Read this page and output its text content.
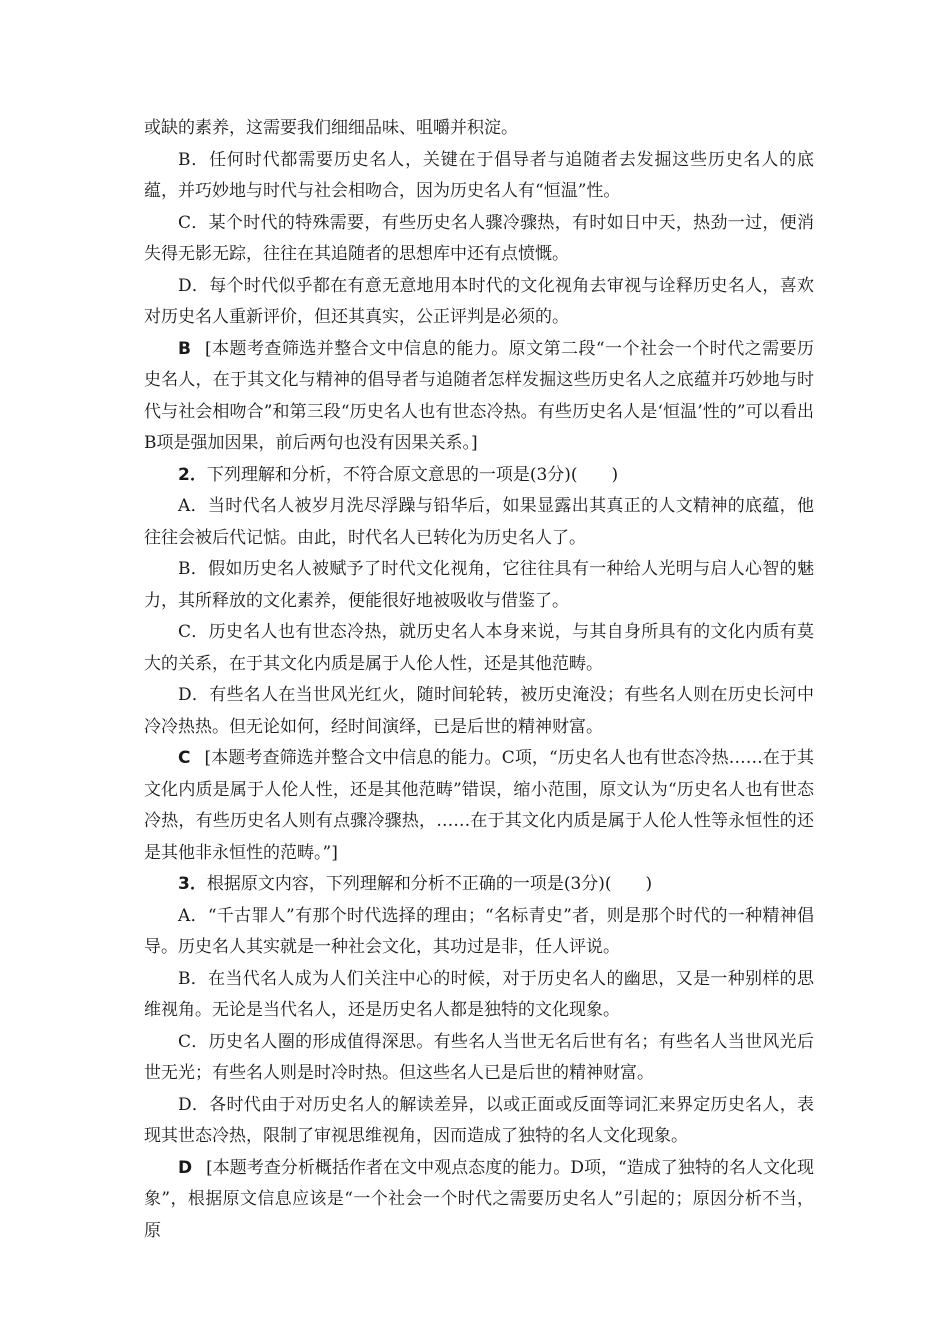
或缺的素养，这需要我们细细品味、咀嚼并积淀。

B．任何时代都需要历史名人，关键在于倡导者与追随者去发掘这些历史名人的底蕴，并巧妙地与时代与社会相吻合，因为历史名人有“恒温”性。

C．某个时代的特殊需要，有些历史名人骤冷骤热，有时如日中天，热劲一过，便消失得无影无踪，往往在其追随者的思想库中还有点愤慨。

D．每个时代似乎都在有意无意地用本时代的文化视角去审视与诠释历史名人，喜欢对历史名人重新评价，但还其真实，公正评判是必须的。

B [本题考查筛选并整合文中信息的能力。原文第二段“一个社会一个时代之需要历史名人，在于其文化与精神的倡导者与追随者怎样发掘这些历史名人之底蕴并巧妙地与时代与社会相吻合”和第三段“历史名人也有世态冷热。有些历史名人是‘恒温’性的”可以看出B项是强加因果，前后两句也没有因果关系。]

2．下列理解和分析，不符合原文意思的一项是(3分)(　　)

A．当时代名人被岁月洗尽浮躁与铅华后，如果显露出其真正的人文精神的底蕴，他往往会被后代记惦。由此，时代名人已转化为历史名人了。

B．假如历史名人被赋予了时代文化视角，它往往具有一种给人光明与启人心智的魅力，其所释放的文化素养，便能很好地被吸收与借鉴了。

C．历史名人也有世态冷热，就历史名人本身来说，与其自身所具有的文化内质有莫大的关系，在于其文化内质是属于人伦人性，还是其他范畴。

D．有些名人在当世风光红火，随时间轮转，被历史淹没；有些名人则在历史长河中冷冷热热。但无论如何，经时间演绎，已是后世的精神财富。

C [本题考查筛选并整合文中信息的能力。C项，“历史名人也有世态冷热……在于其文化内质是属于人伦人性，还是其他范畴”错误，缩小范围，原文认为“历史名人也有世态冷热，有些历史名人则有点骤冷骤热，……在于其文化内质是属于人伦人性等永恒性的还是其他非永恒性的范畴。”]

3．根据原文内容，下列理解和分析不正确的一项是(3分)(　　)

A．“千古罪人”有那个时代选择的理由；“名标青史”者，则是那个时代的一种精神倡导。历史名人其实就是一种社会文化，其功过是非，任人评说。

B．在当代名人成为人们关注中心的时候，对于历史名人的幽思，又是一种别样的思维视角。无论是当代名人，还是历史名人都是独特的文化现象。

C．历史名人圈的形成值得深思。有些名人当世无名后世有名；有些名人当世风光后世无光；有些名人则是时冷时热。但这些名人已是后世的精神财富。

D．各时代由于对历史名人的解读差异，以或正面或反面等词汇来界定历史名人，表现其世态冷热，限制了审视思维视角，因而造成了独特的名人文化现象。

D [本题考查分析概括作者在文中观点态度的能力。D项，“造成了独特的名人文化现象”，根据原文信息应该是“一个社会一个时代之需要历史名人”引起的；原因分析不当，原
